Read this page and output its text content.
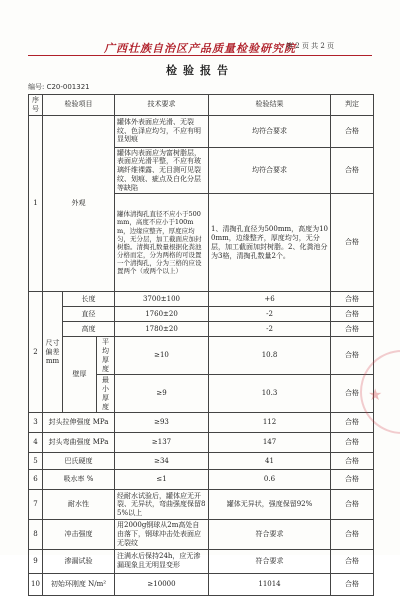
广西壮族自治区产品质量检验研究院
第 2 页 共 2 页
检验报告
编号: C20-001321
序号	检验项目			技术要求	检验结果	判定
1	外观			罐体外表面应光滑、无裂纹、色泽应均匀，不应有明显划痕	均符合要求	合格
				罐体内表面应为富树脂层，表面应光滑平整，不应有玻璃纤维裸露、无目测可见裂纹、划痕、疵点及白化分层等缺陷	均符合要求	合格
				罐体清掏孔直径不应小于500mm，高度不应小于100mm，边缘应整齐，厚度应均匀，无分层，加工截面应加封树脂。清掏孔数量根据化粪池分格而定，分为两格的可设置一个清掏孔，分为三格的应设置两个（或两个以上）	1、清掏孔直径为500mm，高度为100mm，边缘整齐，厚度均匀，无分层，加工截面加封树脂。2、化粪池分为3格，清掏孔数量2个。	合格
2	尺寸偏差mm	长度		3700±100	+6	合格
		直径		1760±20	-2	合格
		高度		1780±20	-2	合格
		壁厚	平均厚度	≥10	10.8	合格
			最小厚度	≥9	10.3	合格
3	封头拉伸强度 MPa			≥93	112	合格
4	封头弯曲强度 MPa			≥137	147	合格
5	巴氏硬度			≥34	41	合格
6	吸水率 %			≤1	0.6	合格
7	耐水性			经耐水试验后，罐体应无开裂、无异状，弯曲强度保留85%以上	罐体无异状，强度保留92%	合格
8	冲击强度			用2000g钢球从2m高处自由落下，钢球冲击处表面应无裂纹	符合要求	合格
9	渗漏试验			注满水后保持24h，应无渗漏现象且无明显变形	符合要求	合格
10	初始环刚度 N/m²			≥10000	11014	合格
★
